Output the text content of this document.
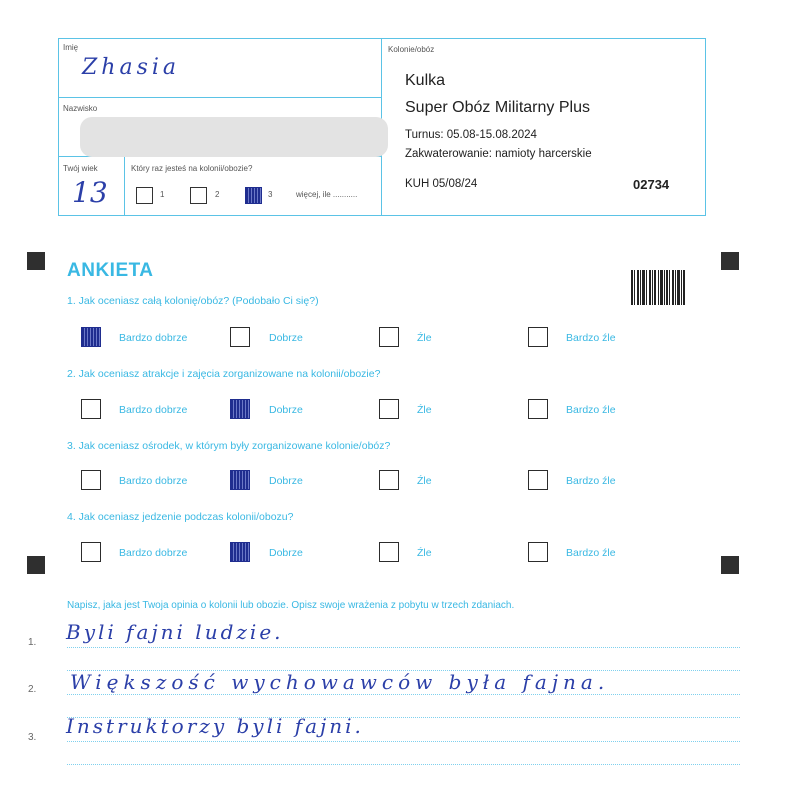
Imię
Zhasia
Nazwisko
Twój wiek
13
Który raz jesteś na kolonii/obozie?
1	2	3	więcej, ile ...........
Kolonie/obóz
Kulka
Super Obóz Militarny Plus
Turnus: 05.08-15.08.2024
Zakwaterowanie: namioty harcerskie
KUH 05/08/24	02734
ANKIETA
1. Jak oceniasz całą kolonię/obóz? (Podobało Ci się?)
Bardzo dobrze	Dobrze	Źle	Bardzo źle
2. Jak oceniasz atrakcje i zajęcia zorganizowane na kolonii/obozie?
Bardzo dobrze	Dobrze	Źle	Bardzo źle
3. Jak oceniasz ośrodek, w którym były zorganizowane kolonie/obóz?
Bardzo dobrze	Dobrze	Źle	Bardzo źle
4. Jak oceniasz jedzenie podczas kolonii/obozu?
Bardzo dobrze	Dobrze	Źle	Bardzo źle
Napisz, jaka jest Twoja opinia o kolonii lub obozie. Opisz swoje wrażenia z pobytu w trzech zdaniach.
1. Byli fajni ludzie.
2. Większość wychowawców była fajna.
3. Instruktorzy byli fajni.
